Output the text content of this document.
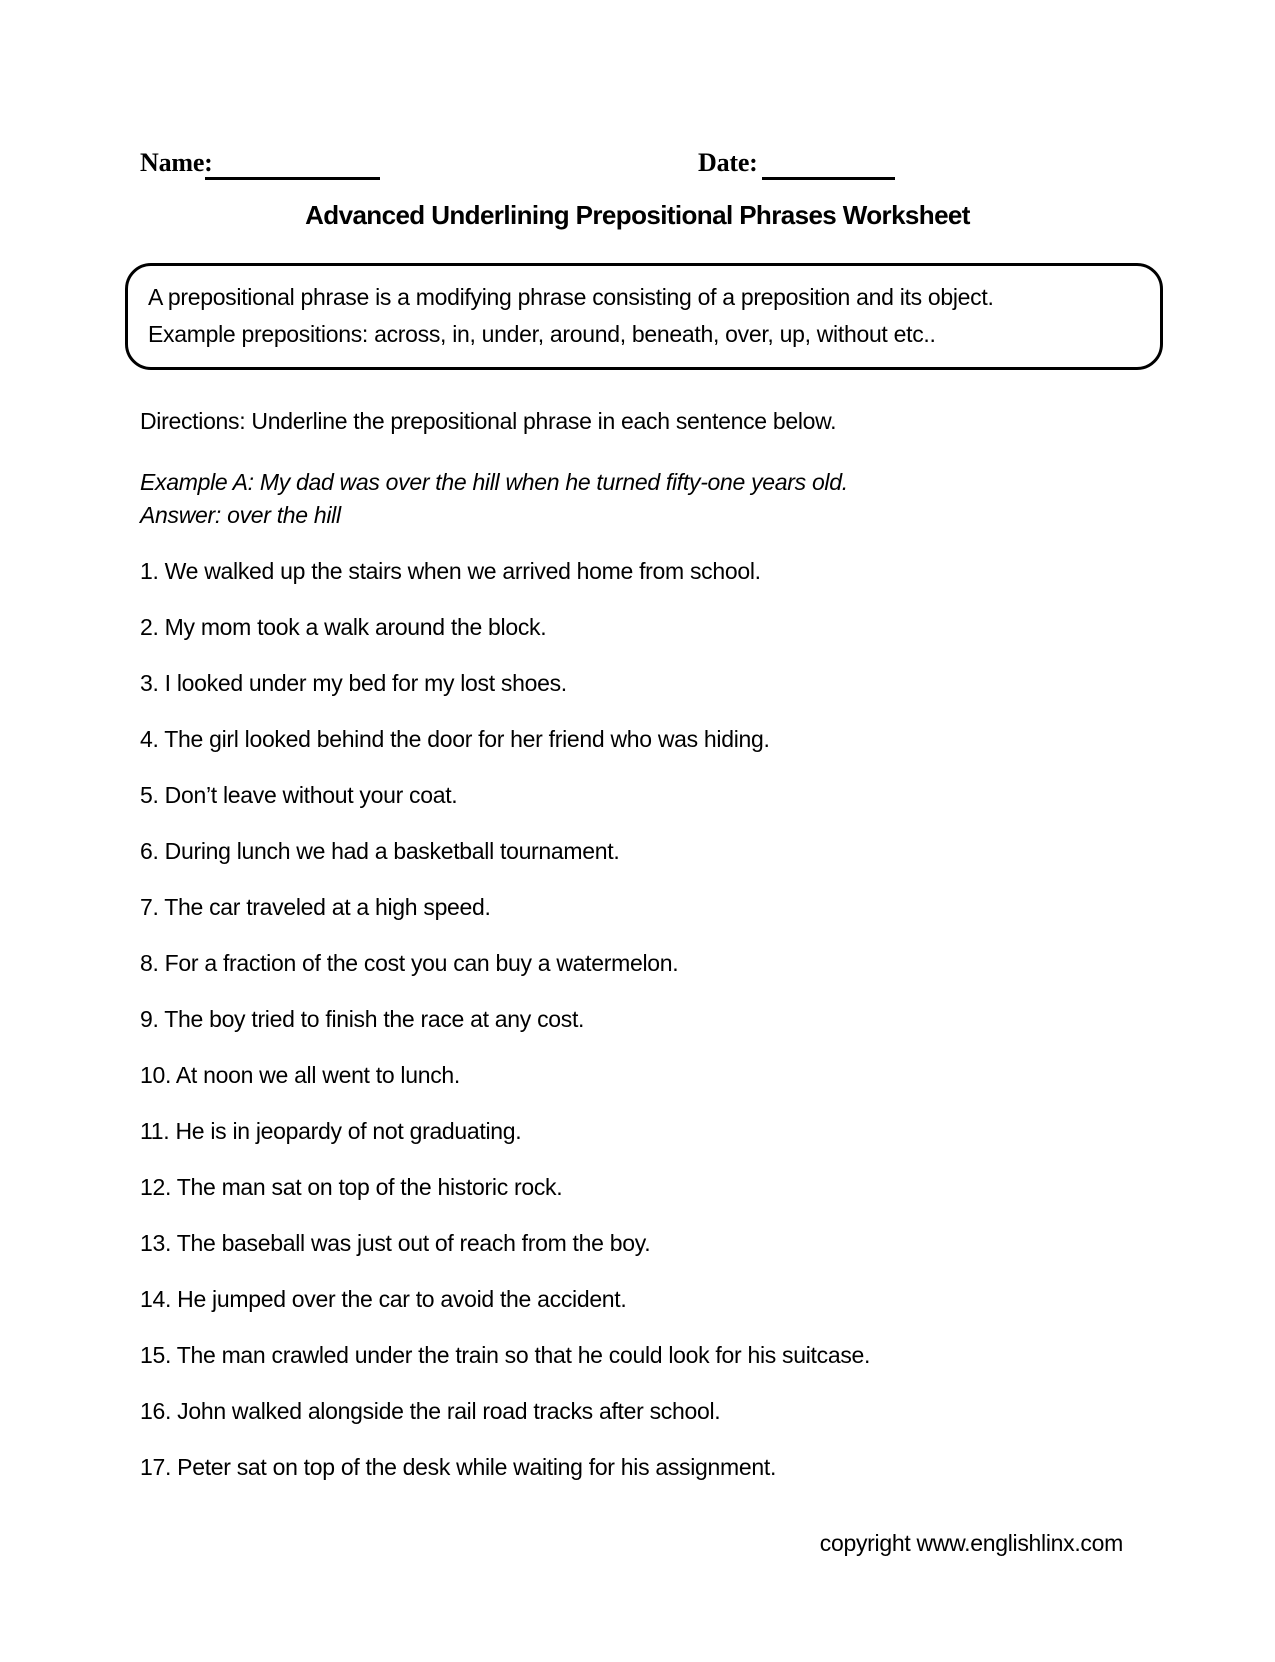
Name:	Date:
Advanced Underlining Prepositional Phrases Worksheet
A prepositional phrase is a modifying phrase consisting of a preposition and its object.
Example prepositions: across, in, under, around, beneath, over, up, without etc..
Directions: Underline the prepositional phrase in each sentence below.
Example A: My dad was over the hill when he turned fifty-one years old.
Answer: over the hill
1. We walked up the stairs when we arrived home from school.
2. My mom took a walk around the block.
3. I looked under my bed for my lost shoes.
4. The girl looked behind the door for her friend who was hiding.
5. Don’t leave without your coat.
6. During lunch we had a basketball tournament.
7. The car traveled at a high speed.
8. For a fraction of the cost you can buy a watermelon.
9. The boy tried to finish the race at any cost.
10. At noon we all went to lunch.
11. He is in jeopardy of not graduating.
12. The man sat on top of the historic rock.
13. The baseball was just out of reach from the boy.
14. He jumped over the car to avoid the accident.
15. The man crawled under the train so that he could look for his suitcase.
16. John walked alongside the rail road tracks after school.
17. Peter sat on top of the desk while waiting for his assignment.
copyright www.englishlinx.com
